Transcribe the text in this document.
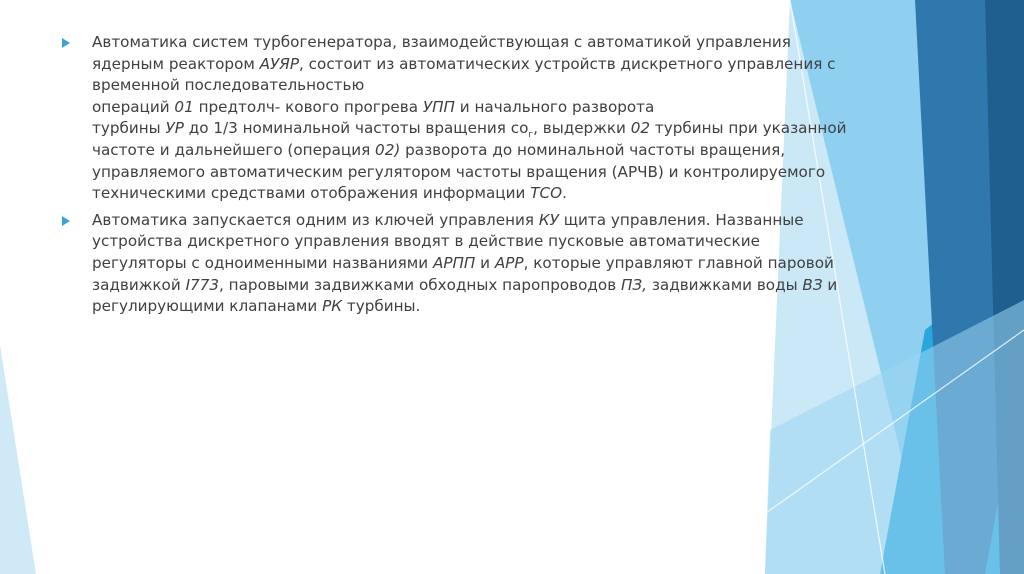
Автоматика систем турбогенератора, взаимодействующая с автоматикой управления ядерным реактором АУЯР, состоит из автоматических устройств дискретного управления с временной последовательностью
операций 01 предтолч- кового прогрева УПП и начального разворота
турбины УР до 1/3 номинальной частоты вращения $co_г$, выдержки 02 турбины при указанной частоте и дальнейшего (операция 02) разворота до номинальной частоты вращения, управляемого автоматическим регулятором частоты вращения (АРЧВ) и контролируемого техническими средствами отображения информации ТСО.
Автоматика запускается одним из ключей управления КУ щита управления. Названные устройства дискретного управления вводят в действие пусковые автоматические регуляторы с одноименными названиями АРПП и АРР, которые управляют главной паровой задвижкой I773, паровыми задвижками обходных паропроводов ПЗ, задвижками воды ВЗ и регулирующими клапанами РК турбины.
